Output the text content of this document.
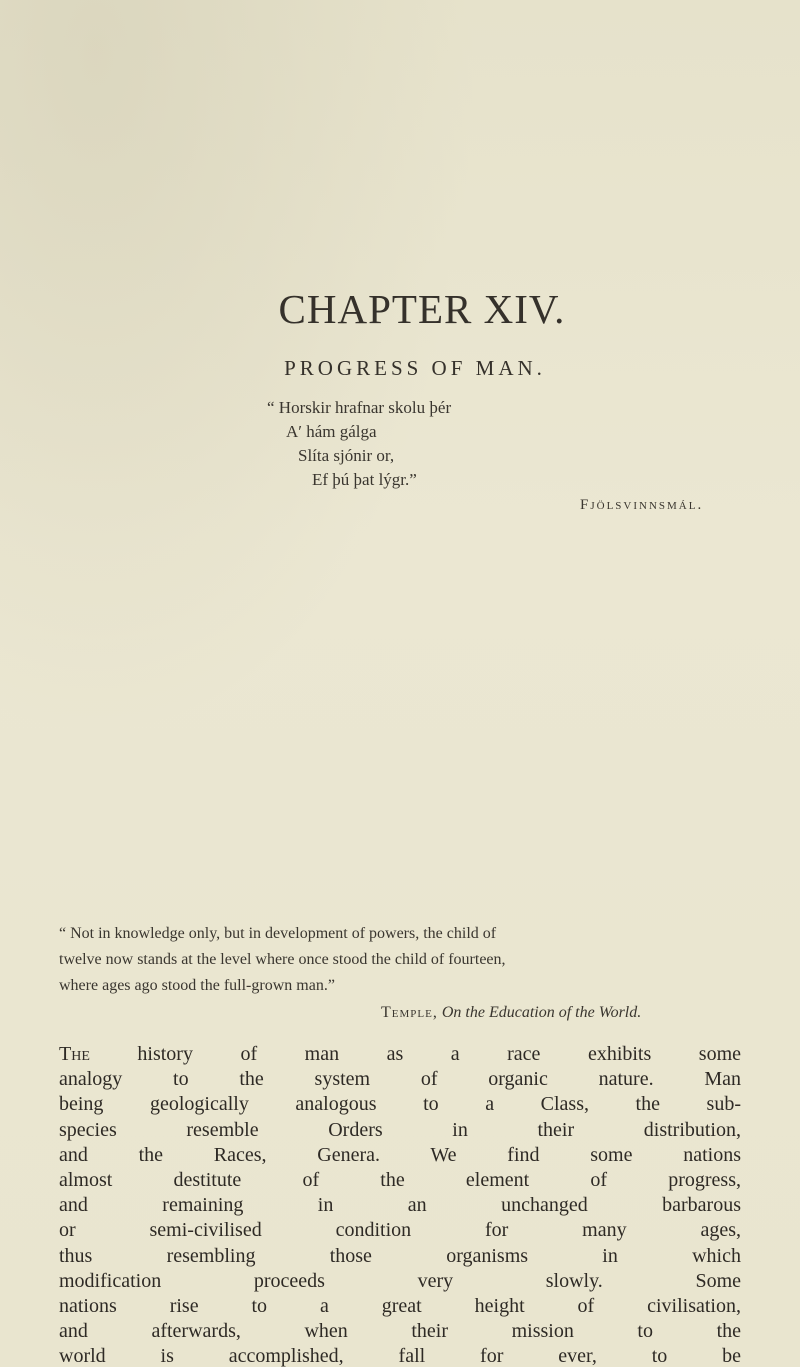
CHAPTER XIV.
PROGRESS OF MAN.
“ Horskir hrafnar skolu þér
A′ hám gálga
Slíta sjónir or,
Ef þú þat lýgr.”
Fjölsvinnsmál.
“ Not in knowledge only, but in development of powers, the child of
twelve now stands at the level where once stood the child of fourteen,
where ages ago stood the full-grown man.”
Temple, On the Education of the World.
The history of man as a race exhibits some
analogy to the system of organic nature. Man
being geologically analogous to a Class, the sub-
species resemble Orders in their distribution,
and the Races, Genera. We find some nations
almost destitute of the element of progress,
and remaining in an unchanged barbarous
or semi-civilised condition for many ages,
thus resembling those organisms in which
modification proceeds very slowly. Some
nations rise to a great height of civilisation,
and afterwards, when their mission to the
world is accomplished, fall for ever, to be
